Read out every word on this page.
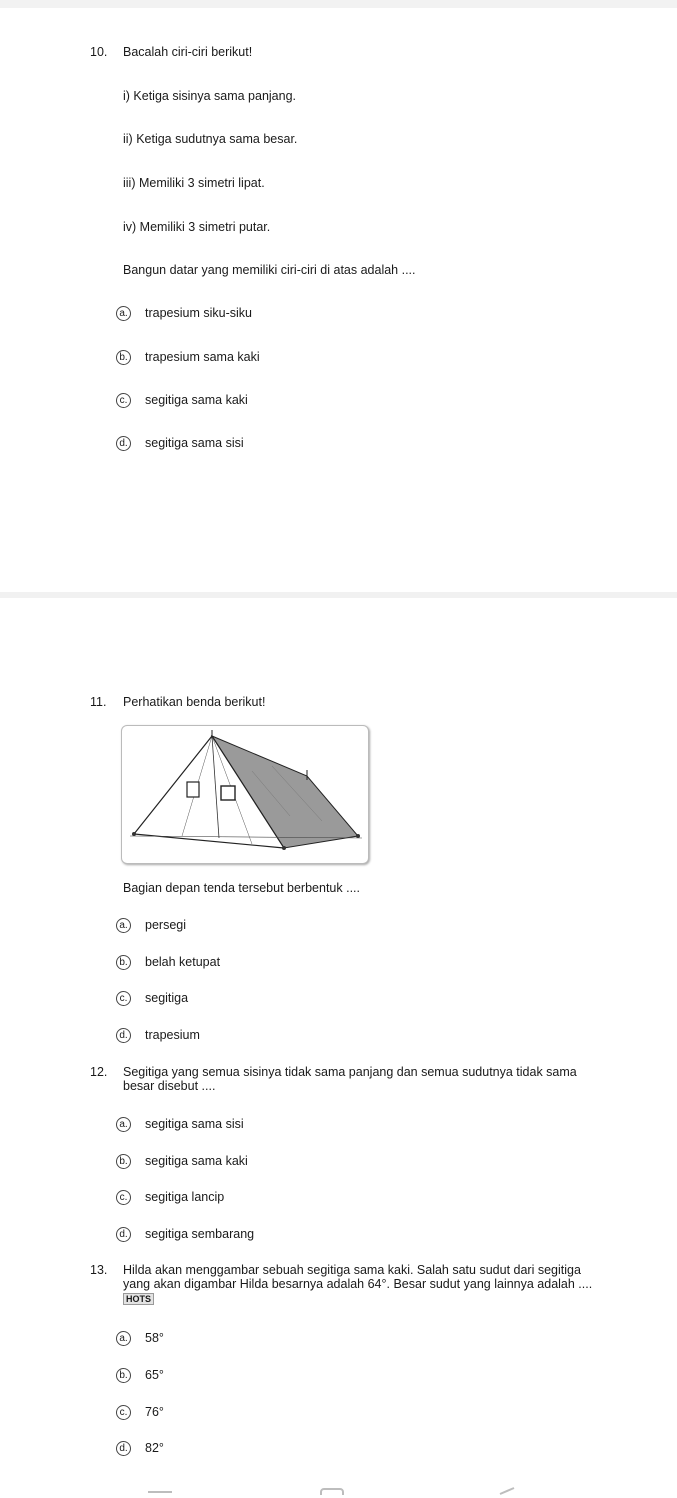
10. Bacalah ciri-ciri berikut!
i) Ketiga sisinya sama panjang.
ii) Ketiga sudutnya sama besar.
iii) Memiliki 3 simetri lipat.
iv) Memiliki 3 simetri putar.
Bangun datar yang memiliki ciri-ciri di atas adalah ....
a. trapesium siku-siku
b. trapesium sama kaki
c. segitiga sama kaki
d. segitiga sama sisi
11. Perhatikan benda berikut!
Bagian depan tenda tersebut berbentuk ....
a. persegi
b. belah ketupat
c. segitiga
d. trapesium
12. Segitiga yang semua sisinya tidak sama panjang dan semua sudutnya tidak sama besar disebut ....
a. segitiga sama sisi
b. segitiga sama kaki
c. segitiga lancip
d. segitiga sembarang
13. Hilda akan menggambar sebuah segitiga sama kaki. Salah satu sudut dari segitiga yang akan digambar Hilda besarnya adalah 64°. Besar sudut yang lainnya adalah .... HOTS
a. 58°
b. 65°
c. 76°
d. 82°
